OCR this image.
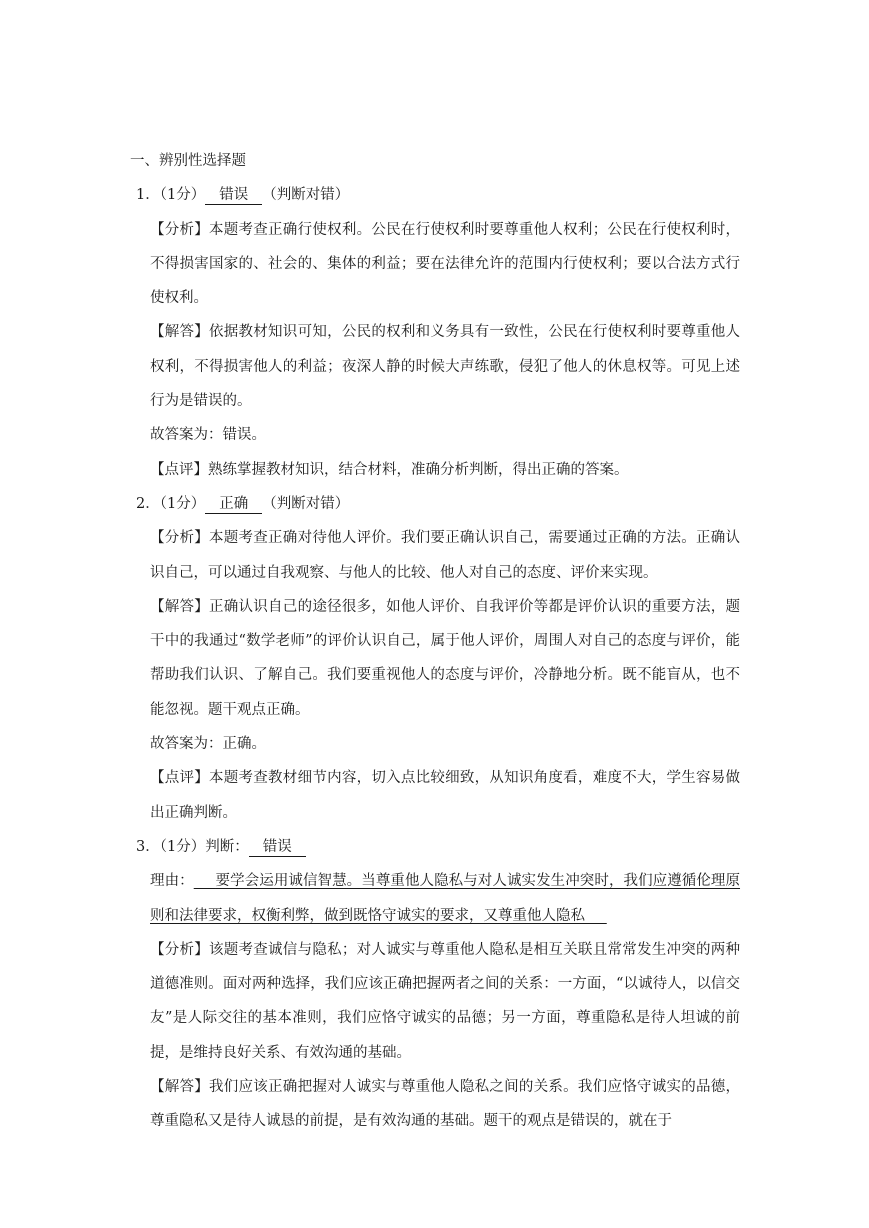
一、辨别性选择题

1．（1分） 错误 （判断对错）

【分析】本题考查正确行使权利。公民在行使权利时要尊重他人权利；公民在行使权利时，不得损害国家的、社会的、集体的利益；要在法律允许的范围内行使权利；要以合法方式行使权利。

【解答】依据教材知识可知，公民的权利和义务具有一致性，公民在行使权利时要尊重他人权利，不得损害他人的利益；夜深人静的时候大声练歌，侵犯了他人的休息权等。可见上述行为是错误的。

故答案为：错误。

【点评】熟练掌握教材知识，结合材料，准确分析判断，得出正确的答案。

2．（1分） 正确 （判断对错）

【分析】本题考查正确对待他人评价。我们要正确认识自己，需要通过正确的方法。正确认识自己，可以通过自我观察、与他人的比较、他人对自己的态度、评价来实现。

【解答】正确认识自己的途径很多，如他人评价、自我评价等都是评价认识的重要方法，题干中的我通过“数学老师”的评价认识自己，属于他人评价，周围人对自己的态度与评价，能帮助我们认识、了解自己。我们要重视他人的态度与评价，冷静地分析。既不能盲从，也不能忽视。题干观点正确。

故答案为：正确。

【点评】本题考查教材细节内容，切入点比较细致，从知识角度看，难度不大，学生容易做出正确判断。

3．（1分）判断： 错误

理由：   要学会运用诚信智慧。当尊重他人隐私与对人诚实发生冲突时，我们应遵循伦理原则和法律要求，权衡利弊，做到既恪守诚实的要求，又尊重他人隐私  

【分析】该题考查诚信与隐私；对人诚实与尊重他人隐私是相互关联且常常发生冲突的两种道德准则。面对两种选择，我们应该正确把握两者之间的关系：一方面，“以诚待人，以信交友”是人际交往的基本准则，我们应恪守诚实的品德；另一方面，尊重隐私是待人坦诚的前提，是维持良好关系、有效沟通的基础。

【解答】我们应该正确把握对人诚实与尊重他人隐私之间的关系。我们应恪守诚实的品德，尊重隐私又是待人诚恳的前提，是有效沟通的基础。题干的观点是错误的，就在于
